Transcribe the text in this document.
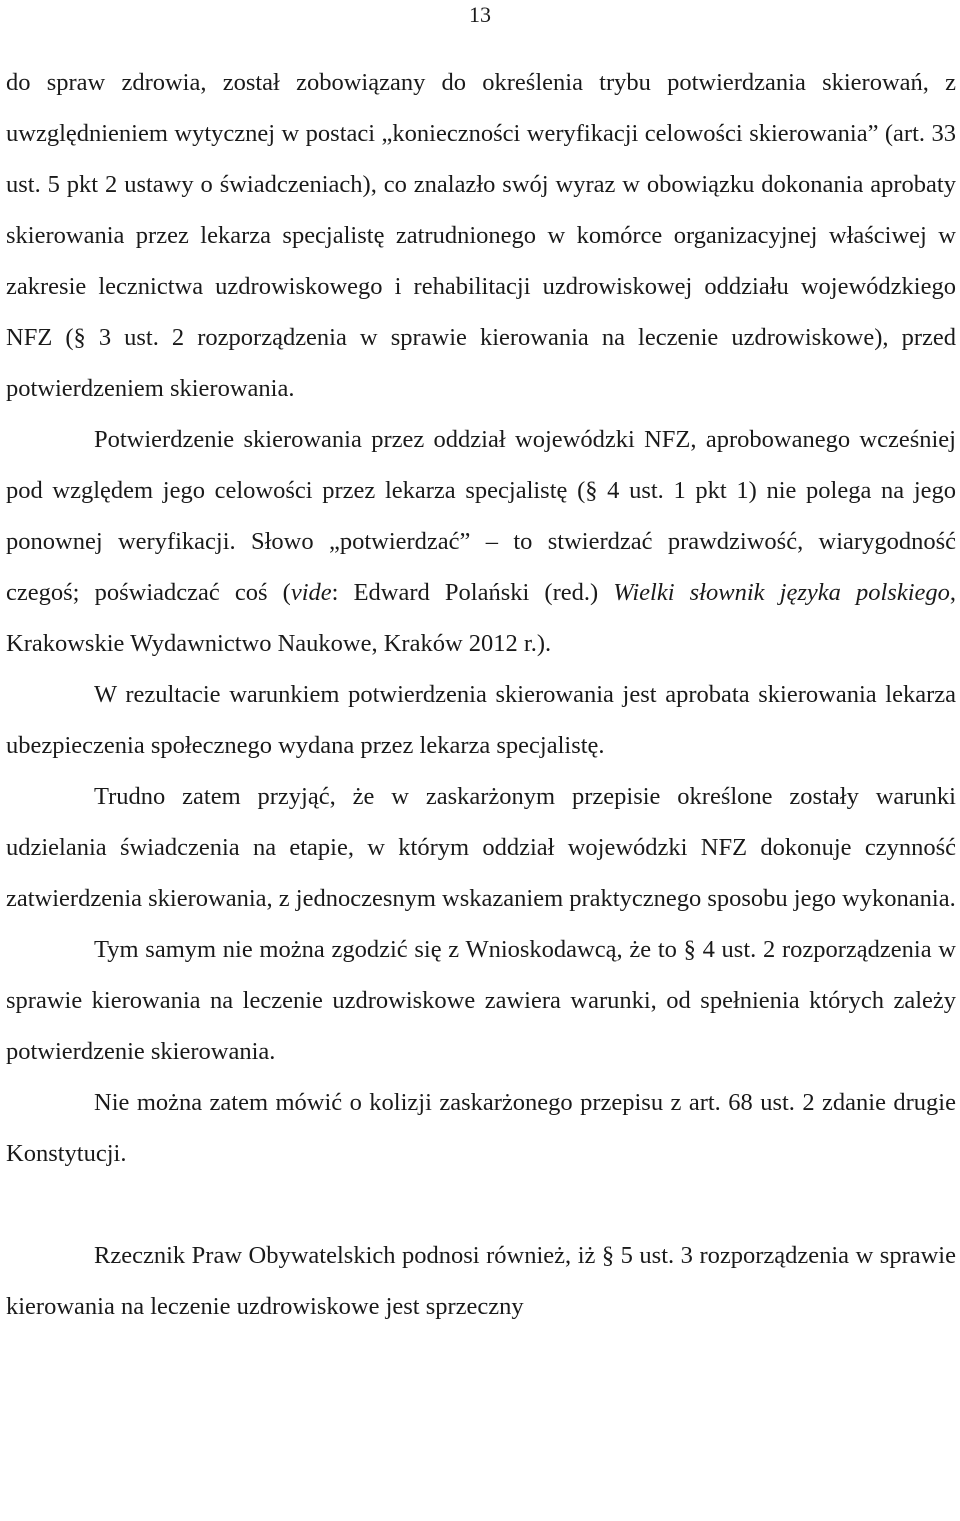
13

do spraw zdrowia, został zobowiązany do określenia trybu potwierdzania skierowań, z uwzględnieniem wytycznej w postaci „konieczności weryfikacji celowości skierowania” (art. 33 ust. 5 pkt 2 ustawy o świadczeniach), co znalazło swój wyraz w obowiązku dokonania aprobaty skierowania przez lekarza specjalistę zatrudnionego w komórce organizacyjnej właściwej w zakresie lecznictwa uzdrowiskowego i rehabilitacji uzdrowiskowej oddziału wojewódzkiego NFZ (§ 3 ust. 2 rozporządzenia w sprawie kierowania na leczenie uzdrowiskowe), przed potwierdzeniem skierowania.

Potwierdzenie skierowania przez oddział wojewódzki NFZ, aprobowanego wcześniej pod względem jego celowości przez lekarza specjalistę (§ 4 ust. 1 pkt 1) nie polega na jego ponownej weryfikacji. Słowo „potwierdzać” – to stwierdzać prawdziwość, wiarygodność czegoś; poświadczać coś (vide: Edward Polański (red.) Wielki słownik języka polskiego, Krakowskie Wydawnictwo Naukowe, Kraków 2012 r.).

W rezultacie warunkiem potwierdzenia skierowania jest aprobata skierowania lekarza ubezpieczenia społecznego wydana przez lekarza specjalistę.

Trudno zatem przyjąć, że w zaskarżonym przepisie określone zostały warunki udzielania świadczenia na etapie, w którym oddział wojewódzki NFZ dokonuje czynność zatwierdzenia skierowania, z jednoczesnym wskazaniem praktycznego sposobu jego wykonania.

Tym samym nie można zgodzić się z Wnioskodawcą, że to § 4 ust. 2 rozporządzenia w sprawie kierowania na leczenie uzdrowiskowe zawiera warunki, od spełnienia których zależy potwierdzenie skierowania.

Nie można zatem mówić o kolizji zaskarżonego przepisu z art. 68 ust. 2 zdanie drugie Konstytucji.

Rzecznik Praw Obywatelskich podnosi również, iż § 5 ust. 3 rozporządzenia w sprawie kierowania na leczenie uzdrowiskowe jest sprzeczny
